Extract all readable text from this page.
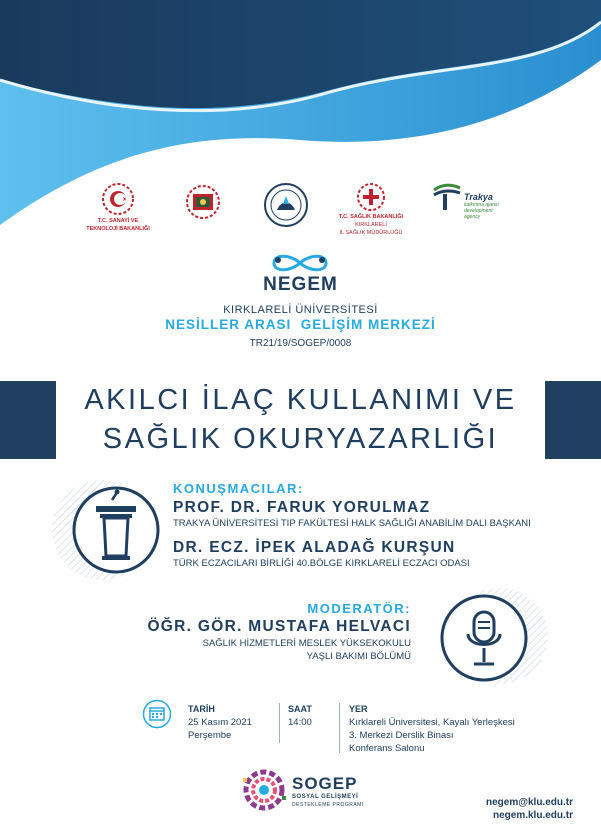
T.C. SANAYİ VE
TEKNOLOJİ BAKANLIĞI
T.C. SAĞLIK BAKANLIĞI
KIRKLARELİ
İL SAĞLIK MÜDÜRLÜĞÜ
Trakya
kalkınma ajansı
development agency
NEGEM
KIRKLARELİ ÜNİVERSİTESİ
NESİLLER ARASI  GELİŞİM MERKEZİ
TR21/19/SOGEP/0008
AKILCI İLAÇ KULLANIMI VE
SAĞLIK OKURYAZARLIĞI
KONUŞMACILAR:
PROF. DR. FARUK YORULMAZ
TRAKYA ÜNİVERSİTESİ TIP FAKÜLTESİ HALK SAĞLIĞI ANABİLİM DALI BAŞKANI
DR. ECZ. İPEK ALADAĞ KURŞUN
TÜRK ECZACILARI BİRLİĞİ 40.BÖLGE KIRKLARELİ ECZACI ODASI
MODERATÖR:
ÖĞR. GÖR. MUSTAFA HELVACI
SAĞLIK HİZMETLERİ MESLEK YÜKSEKOKULU
YAŞLI BAKIMI BÖLÜMÜ
TARİH
25 Kasım 2021
Perşembe
SAAT
14:00
YER
Kırklareli Üniversitesi, Kayalı Yerleşkesi
3. Merkezi Derslik Binası
Konferans Salonu
SOGEP
SOSYAL GELİŞMEYİ
DESTEKLEME PROGRAMI	negem@klu.edu.tr
negem.klu.edu.tr
